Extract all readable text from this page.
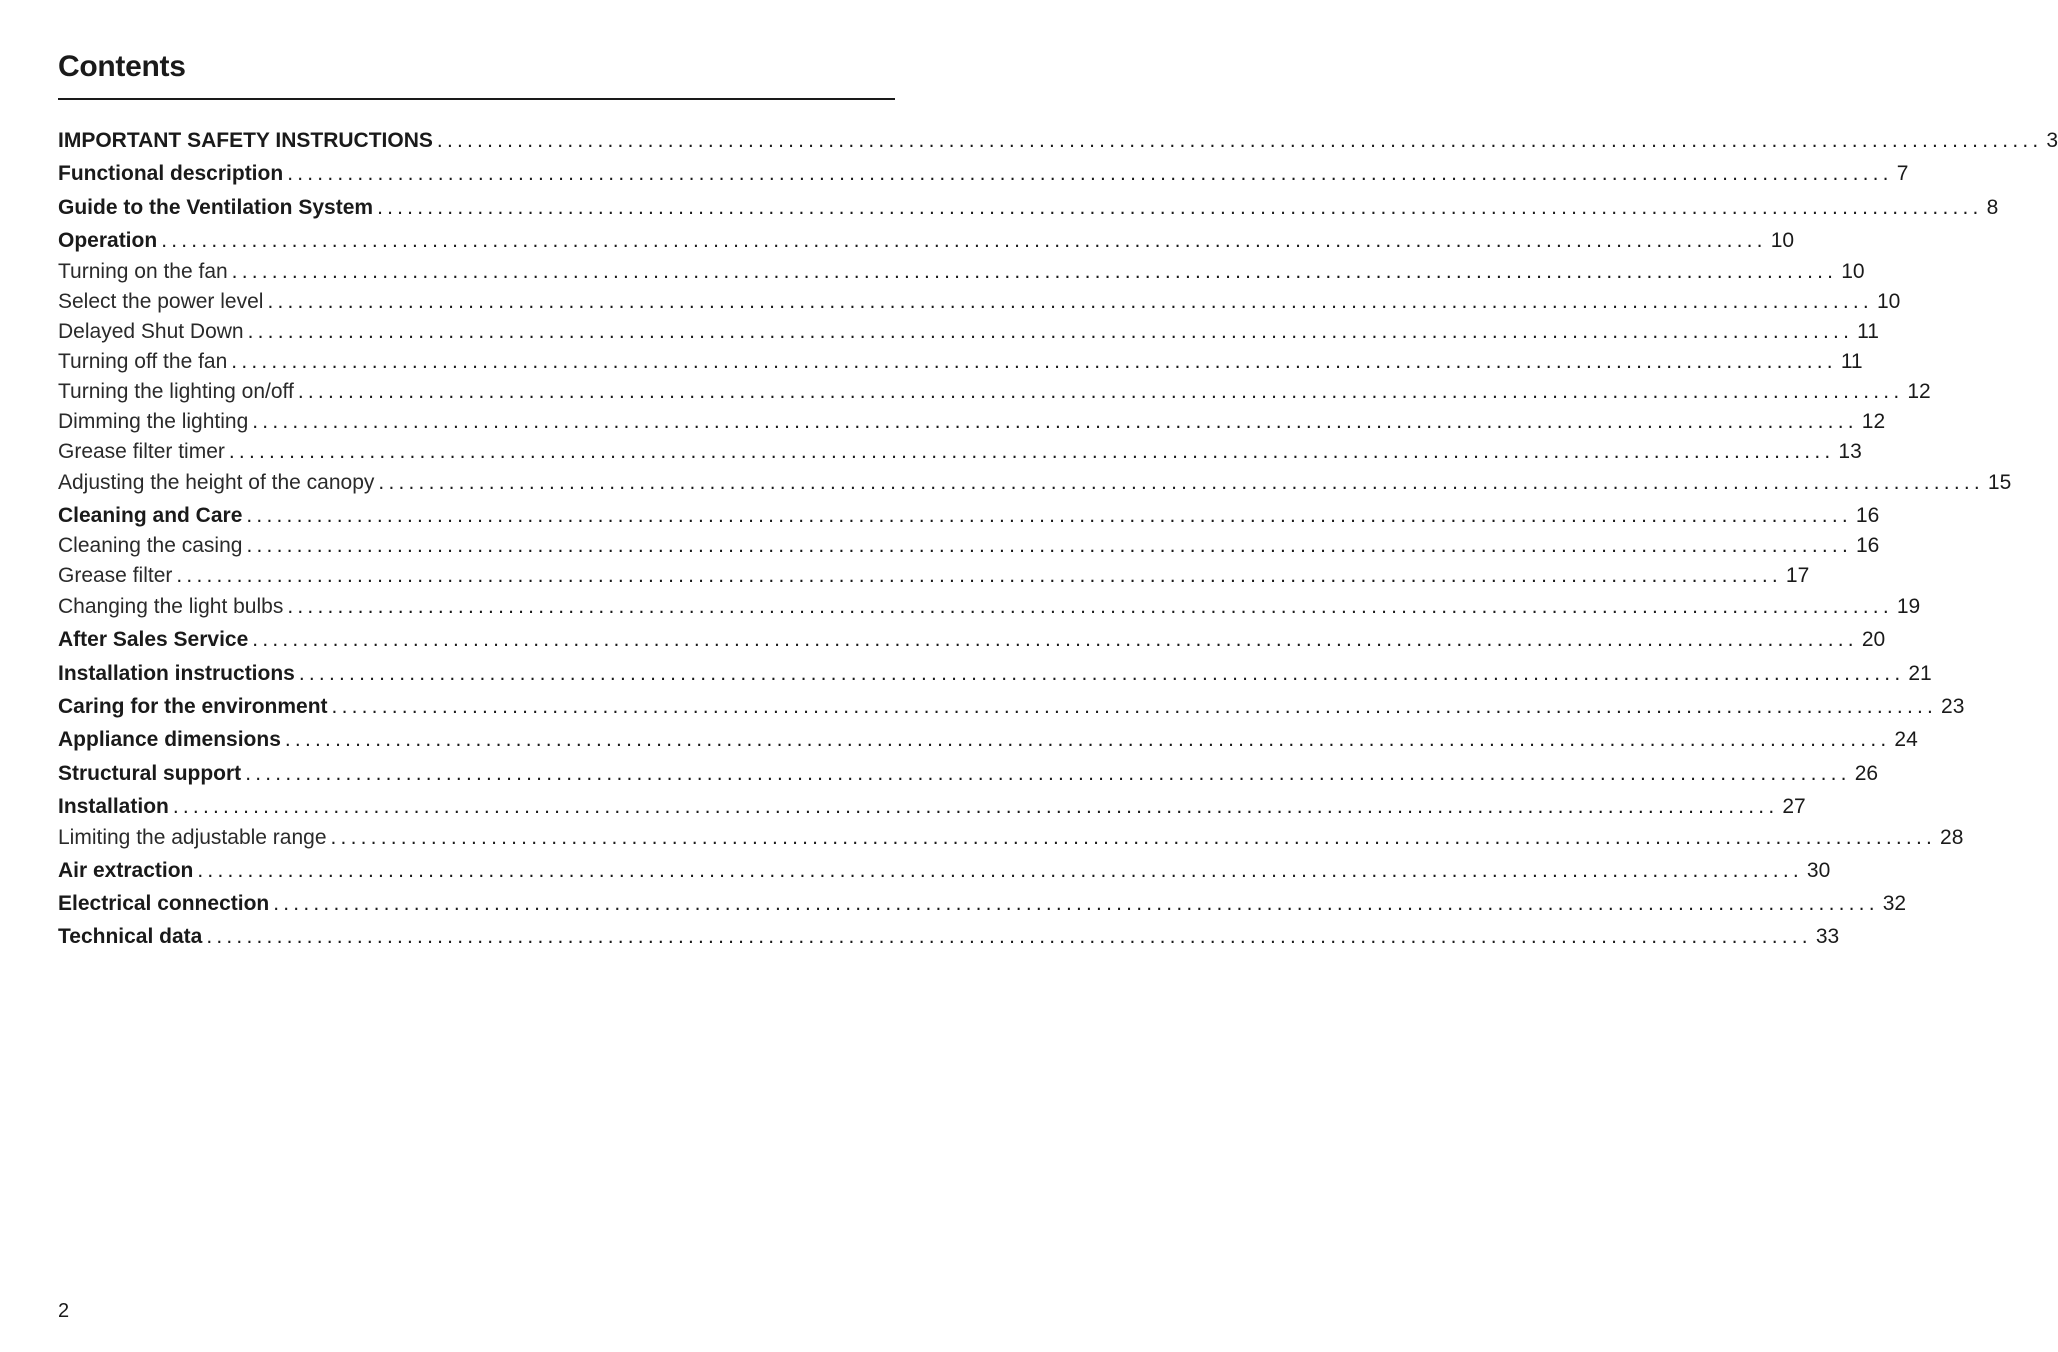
Contents
IMPORTANT SAFETY INSTRUCTIONS ................................................................................................................................................................ 3
Functional description ................................................................................................................................................................ 7
Guide to the Ventilation System ................................................................................................................................................................ 8
Operation ................................................................................................................................................................ 10
Turning on the fan ................................................................................................................................................................ 10
Select the power level ................................................................................................................................................................ 10
Delayed Shut Down ................................................................................................................................................................ 11
Turning off the fan ................................................................................................................................................................ 11
Turning the lighting on/off ................................................................................................................................................................ 12
Dimming the lighting ................................................................................................................................................................ 12
Grease filter timer ................................................................................................................................................................ 13
Adjusting the height of the canopy ................................................................................................................................................................ 15
Cleaning and Care ................................................................................................................................................................ 16
Cleaning the casing ................................................................................................................................................................ 16
Grease filter ................................................................................................................................................................ 17
Changing the light bulbs ................................................................................................................................................................ 19
After Sales Service ................................................................................................................................................................ 20
Installation instructions ................................................................................................................................................................ 21
Caring for the environment ................................................................................................................................................................ 23
Appliance dimensions ................................................................................................................................................................ 24
Structural support ................................................................................................................................................................ 26
Installation ................................................................................................................................................................ 27
Limiting the adjustable range ................................................................................................................................................................ 28
Air extraction ................................................................................................................................................................ 30
Electrical connection ................................................................................................................................................................ 32
Technical data ................................................................................................................................................................ 33
2
